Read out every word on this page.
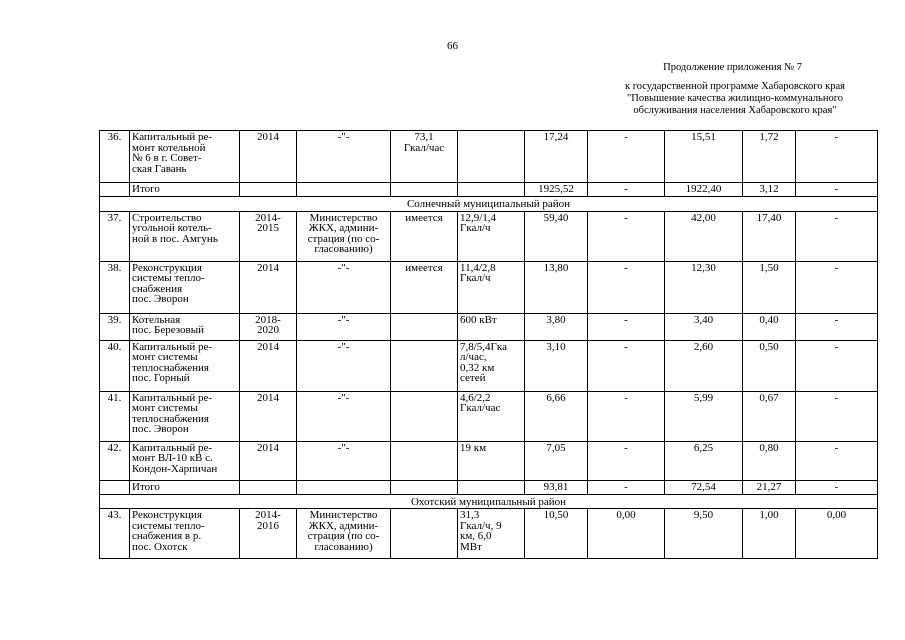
66
Продолжение приложения № 7
к государственной программе Хабаровского края
"Повышение качества жилищно-коммунального
обслуживания населения Хабаровского края"
36.	Капитальный ре-
монт котельной
№ 6 в г. Совет-
ская Гавань	2014	-"-	73,1
Гкал/час		17,24	-	15,51	1,72	-
	Итого					1925,52	-	1922,40	3,12	-
Солнечный муниципальный район										
37.	Строительство
угольной котель-
ной в пос. Амгунь	2014-
2015	Министерство
ЖКХ, админи-
страция (по со-
гласованию)	имеется	12,9/1,4
Гкал/ч	59,40	-	42,00	17,40	-
38.	Реконструкция
системы тепло-
снабжения
пос. Эворон	2014	-"-	имеется	11,4/2,8
Гкал/ч	13,80	-	12,30	1,50	-
39.	Котельная
пос. Березовый	2018-
2020	-"-		600 кВт	3,80	-	3,40	0,40	-
40.	Капитальный ре-
монт системы
теплоснабжения
пос. Горный	2014	-"-		7,8/5,4Гка
л/час,
0,32 км
сетей	3,10	-	2,60	0,50	-
41.	Капитальный ре-
монт системы
теплоснабжения
пос. Эворон	2014	-"-		4,6/2,2
Гкал/час	6,66	-	5,99	0,67	-
42.	Капитальный ре-
монт ВЛ-10 кВ с.
Кондон-Харпичан	2014	-"-		19 км	7,05	-	6,25	0,80	-
	Итого					93,81	-	72,54	21,27	-
Охотский муниципальный район										
43.	Реконструкция
системы тепло-
снабжения в р.
пос. Охотск	2014-
2016	Министерство
ЖКХ, админи-
страция (по со-
гласованию)		31,3
Гкал/ч, 9
км, 6,0
МВт	10,50	0,00	9,50	1,00	0,00
